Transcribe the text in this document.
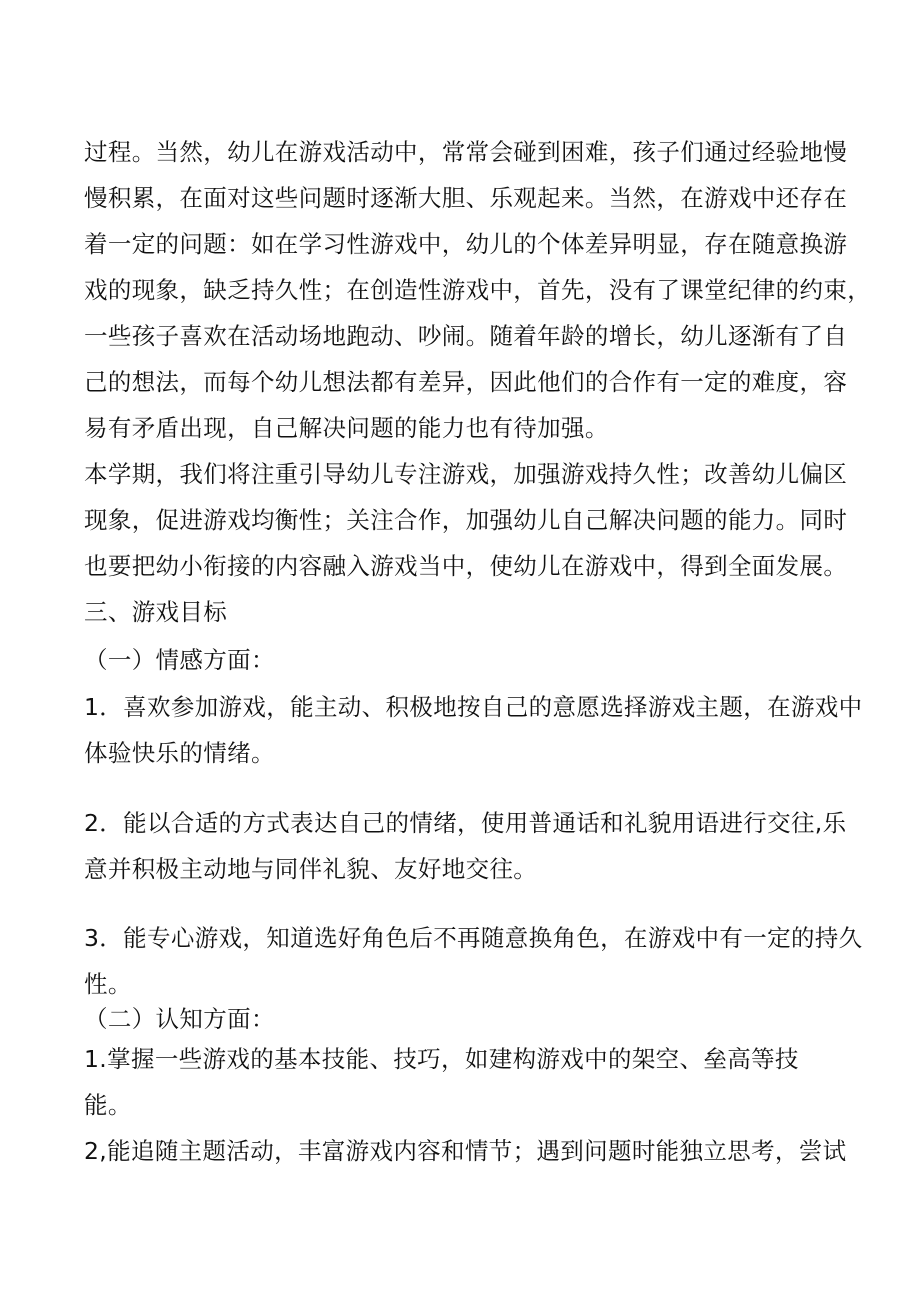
过程。当然，幼儿在游戏活动中，常常会碰到困难，孩子们通过经验地慢
慢积累，在面对这些问题时逐渐大胆、乐观起来。当然，在游戏中还存在
着一定的问题：如在学习性游戏中，幼儿的个体差异明显，存在随意换游
戏的现象，缺乏持久性；在创造性游戏中，首先，没有了课堂纪律的约束，
一些孩子喜欢在活动场地跑动、吵闹。随着年龄的增长，幼儿逐渐有了自
己的想法，而每个幼儿想法都有差异，因此他们的合作有一定的难度，容
易有矛盾出现，自己解决问题的能力也有待加强。
本学期，我们将注重引导幼儿专注游戏，加强游戏持久性；改善幼儿偏区
现象，促进游戏均衡性；关注合作，加强幼儿自己解决问题的能力。同时
也要把幼小衔接的内容融入游戏当中，使幼儿在游戏中，得到全面发展。
三、游戏目标
（一）情感方面：
1．喜欢参加游戏，能主动、积极地按自己的意愿选择游戏主题，在游戏中
体验快乐的情绪。
2．能以合适的方式表达自己的情绪，使用普通话和礼貌用语进行交往,乐
意并积极主动地与同伴礼貌、友好地交往。
3．能专心游戏，知道选好角色后不再随意换角色，在游戏中有一定的持久
性。
（二）认知方面：
1.掌握一些游戏的基本技能、技巧，如建构游戏中的架空、垒高等技
能。
2,能追随主题活动，丰富游戏内容和情节；遇到问题时能独立思考，尝试
